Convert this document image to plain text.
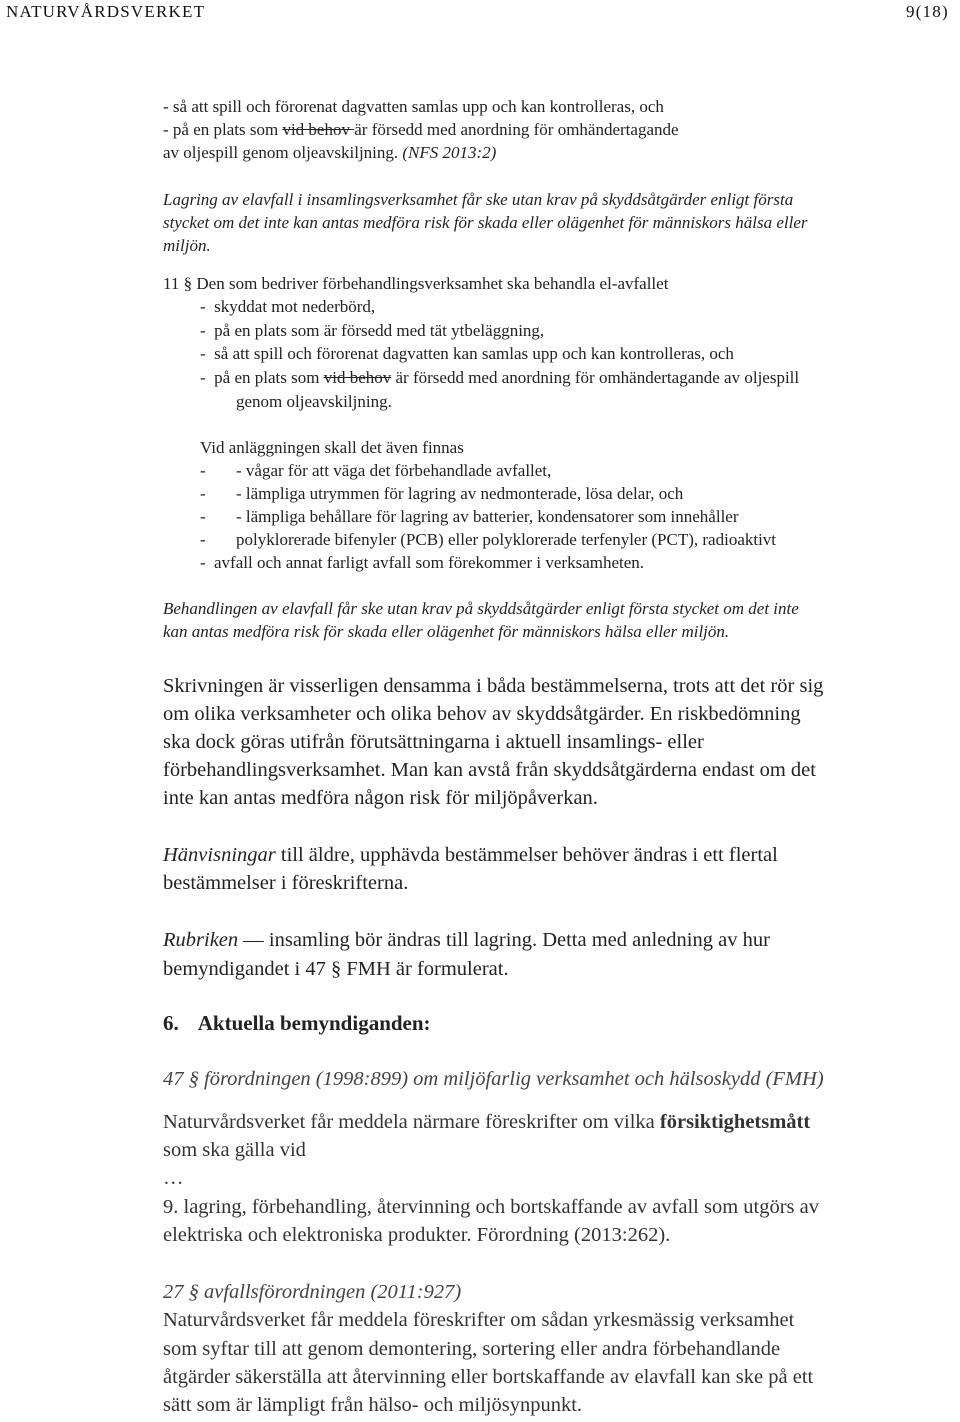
NATURVÅRDSVERKET	9(18)
- så att spill och förorenat dagvatten samlas upp och kan kontrolleras, och
- på en plats som vid behov är försedd med anordning för omhändertagande
av oljespill genom oljeavskiljning. (NFS 2013:2)
Lagring av elavfall i insamlingsverksamhet får ske utan krav på skyddsåtgärder enligt första
stycket om det inte kan antas medföra risk för skada eller olägenhet för människors hälsa eller
miljön.
11 § Den som bedriver förbehandlingsverksamhet ska behandla el-avfallet
-  skyddat mot nederbörd,
-  på en plats som är försedd med tät ytbeläggning,
-  så att spill och förorenat dagvatten kan samlas upp och kan kontrolleras, och
-  på en plats som vid behov är försedd med anordning för omhändertagande av oljespill
genom oljeavskiljning.
Vid anläggningen skall det även finnas
- - vågar för att väga det förbehandlade avfallet,
- - lämpliga utrymmen för lagring av nedmonterade, lösa delar, och
- - lämpliga behållare för lagring av batterier, kondensatorer som innehåller
- polyklorerade bifenyler (PCB) eller polyklorerade terfenyler (PCT), radioaktivt
- avfall och annat farligt avfall som förekommer i verksamheten.
Behandlingen av elavfall får ske utan krav på skyddsåtgärder enligt första stycket om det inte
kan antas medföra risk för skada eller olägenhet för människors hälsa eller miljön.
Skrivningen är visserligen densamma i båda bestämmelserna, trots att det rör sig
om olika verksamheter och olika behov av skyddsåtgärder. En riskbedömning
ska dock göras utifrån förutsättningarna i aktuell insamlings- eller
förbehandlingsverksamhet. Man kan avstå från skyddsåtgärderna endast om det
inte kan antas medföra någon risk för miljöpåverkan.
Hänvisningar till äldre, upphävda bestämmelser behöver ändras i ett flertal
bestämmelser i föreskrifterna.
Rubriken — insamling bör ändras till lagring. Detta med anledning av hur
bemyndigandet i 47 § FMH är formulerat.
6. Aktuella bemyndiganden:
47 § förordningen (1998:899) om miljöfarlig verksamhet och hälsoskydd (FMH)
Naturvårdsverket får meddela närmare föreskrifter om vilka försiktighetsmått
som ska gälla vid
…
9. lagring, förbehandling, återvinning och bortskaffande av avfall som utgörs av
elektriska och elektroniska produkter. Förordning (2013:262).
27 § avfallsförordningen (2011:927)
Naturvårdsverket får meddela föreskrifter om sådan yrkesmässig verksamhet
som syftar till att genom demontering, sortering eller andra förbehandlande
åtgärder säkerställa att återvinning eller bortskaffande av elavfall kan ske på ett
sätt som är lämpligt från hälso- och miljösynpunkt.
